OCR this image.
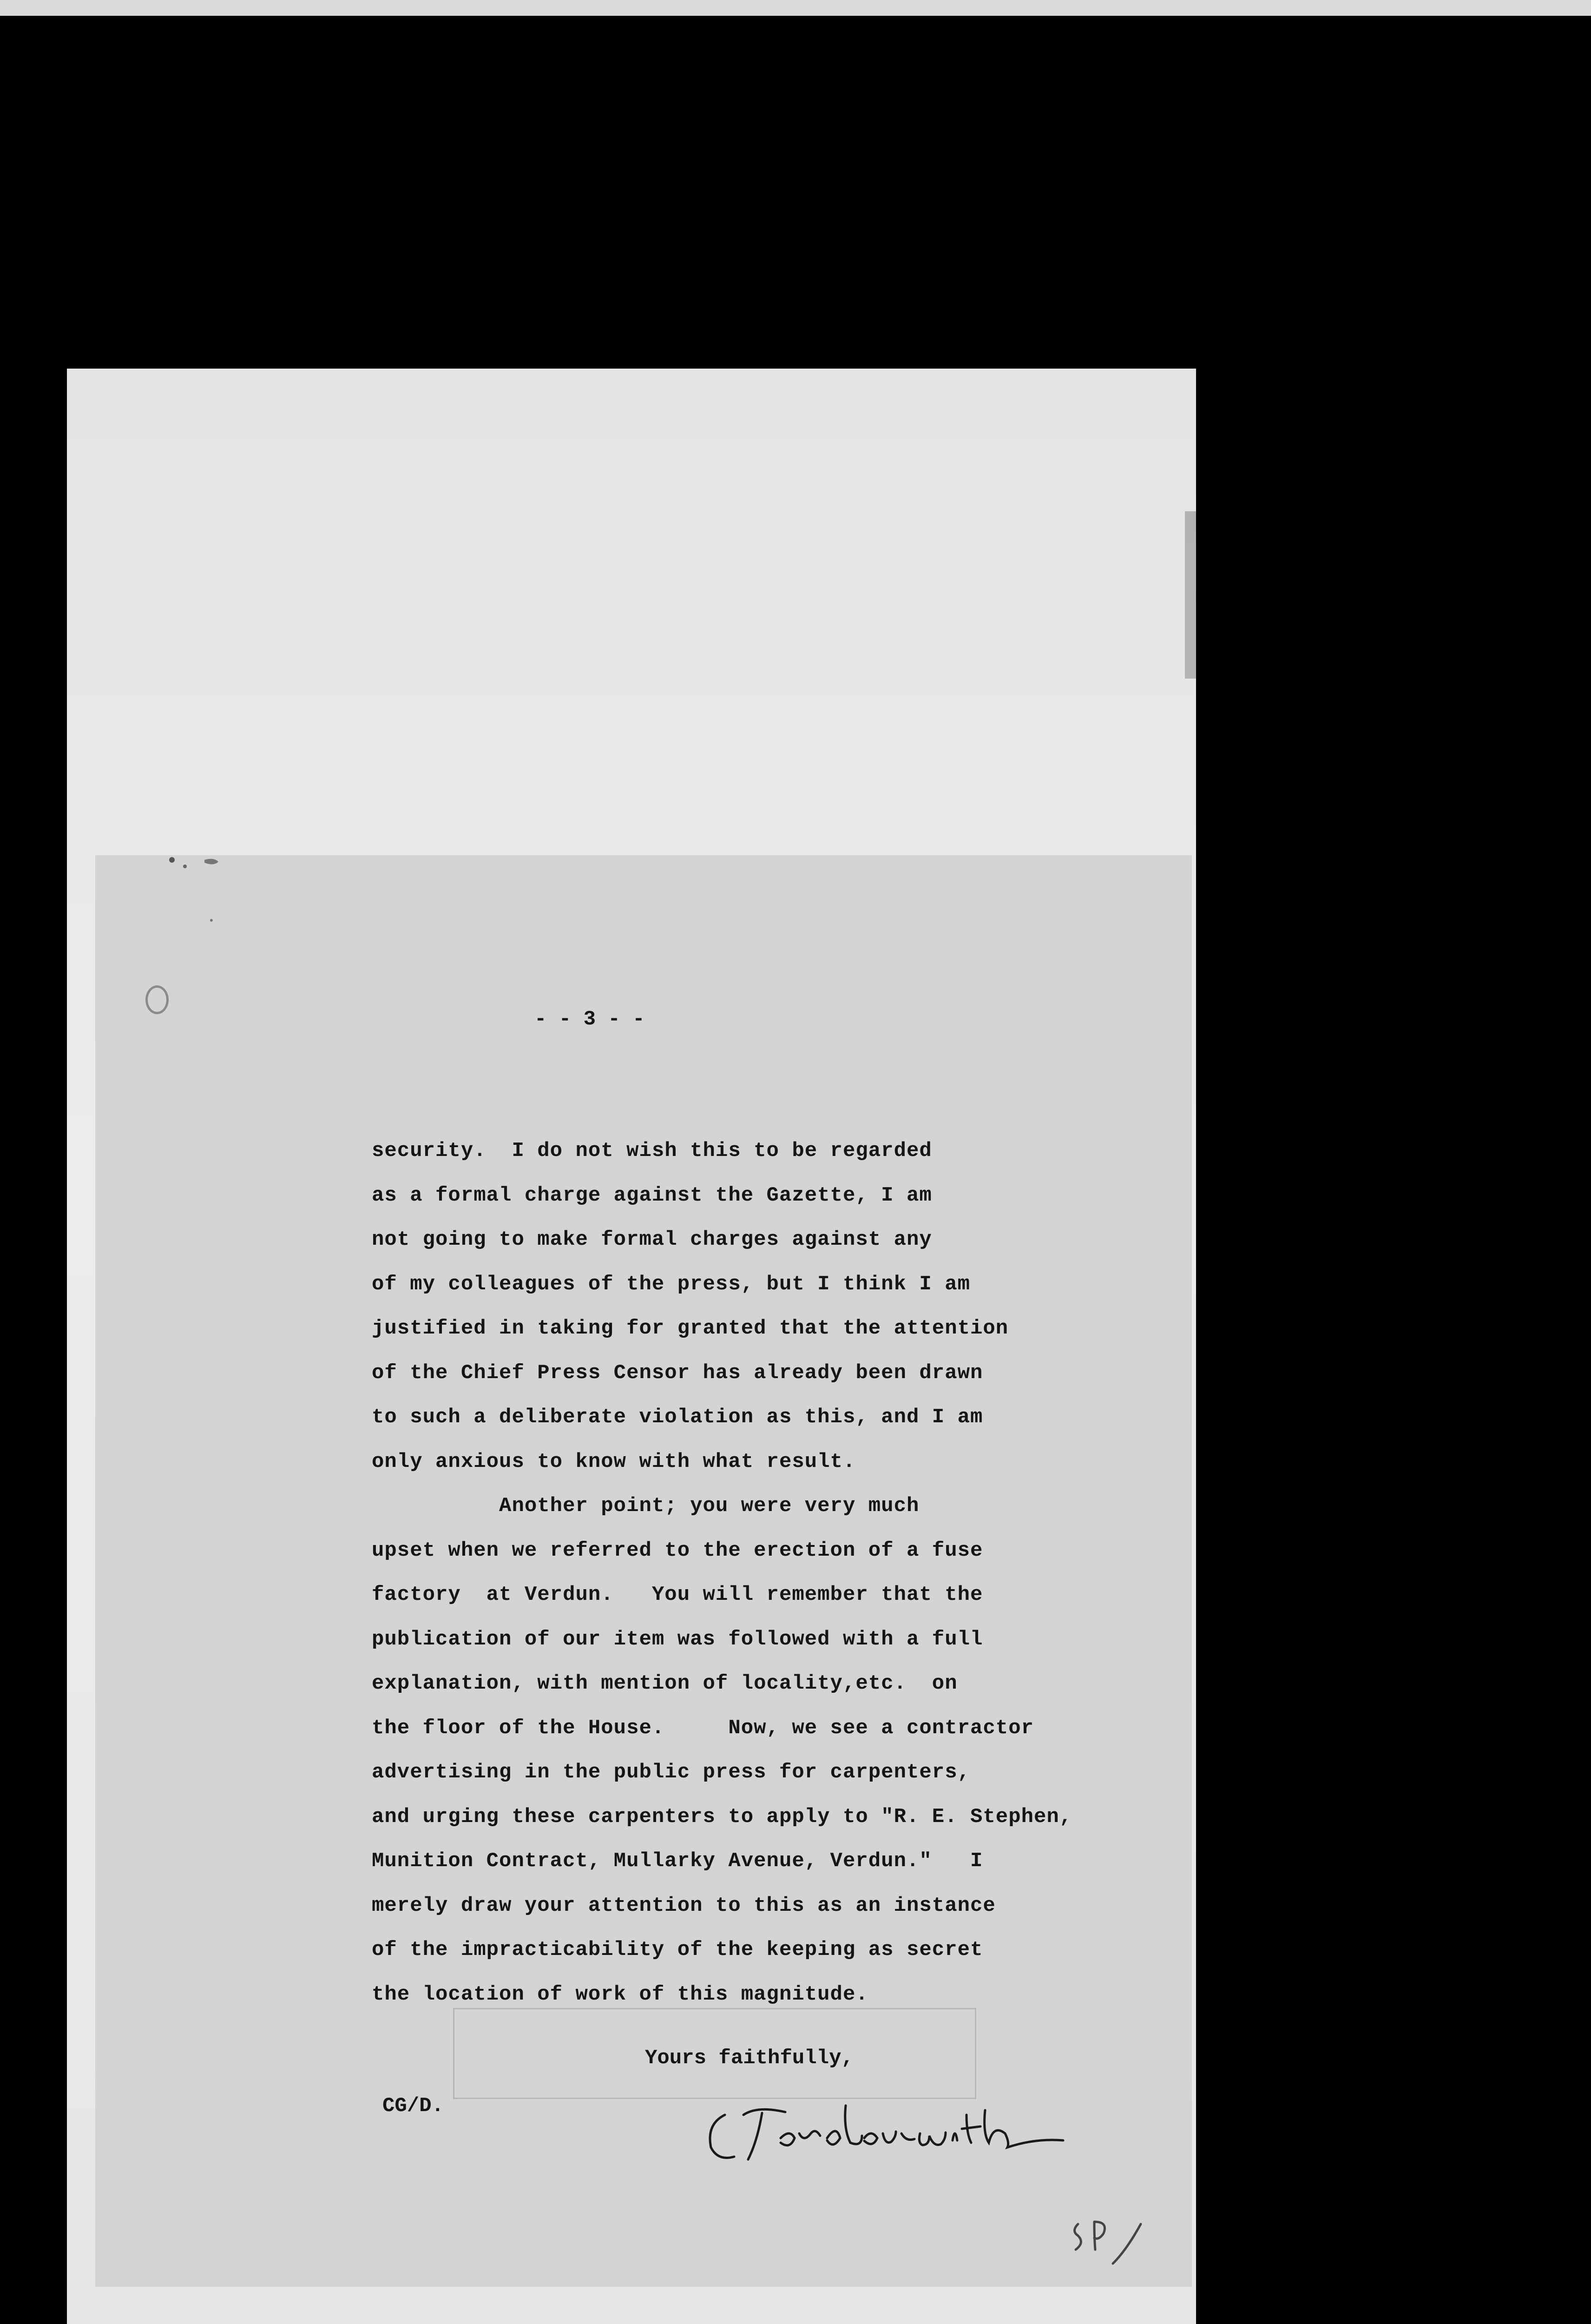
- - 3 - -

security.  I do not wish this to be regarded

as a formal charge against the Gazette, I am

not going to make formal charges against any

of my colleagues of the press, but I think I am

justified in taking for granted that the attention

of the Chief Press Censor has already been drawn

to such a deliberate violation as this, and I am

only anxious to know with what result.

Another point; you were very much

upset when we referred to the erection of a fuse

factory  at Verdun.   You will remember that the

publication of our item was followed with a full

explanation, with mention of locality,etc.  on

the floor of the House.     Now, we see a contractor

advertising in the public press for carpenters,

and urging these carpenters to apply to "R. E. Stephen,

Munition Contract, Mullarky Avenue, Verdun."   I

merely draw your attention to this as an instance

of the impracticability of the keeping as secret

the location of work of this magnitude.

Yours faithfully,
CG/D.
